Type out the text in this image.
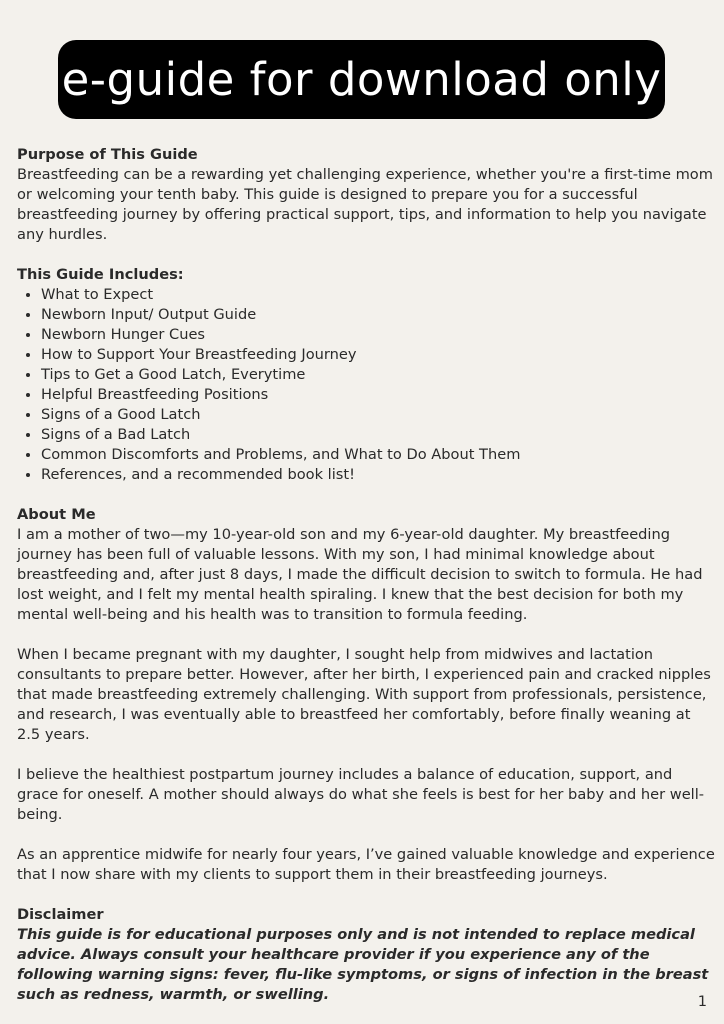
e-guide for download only

Purpose of This Guide

Breastfeeding can be a rewarding yet challenging experience, whether you're a first-time mom or welcoming your tenth baby. This guide is designed to prepare you for a successful breastfeeding journey by offering practical support, tips, and information to help you navigate any hurdles.

This Guide Includes:

• What to Expect
• Newborn Input/ Output Guide
• Newborn Hunger Cues
• How to Support Your Breastfeeding Journey
• Tips to Get a Good Latch, Everytime
• Helpful Breastfeeding Positions
• Signs of a Good Latch
• Signs of a Bad Latch
• Common Discomforts and Problems, and What to Do About Them
• References, and a recommended book list!

About Me

I am a mother of two—my 10-year-old son and my 6-year-old daughter. My breastfeeding journey has been full of valuable lessons. With my son, I had minimal knowledge about breastfeeding and, after just 8 days, I made the difficult decision to switch to formula. He had lost weight, and I felt my mental health spiraling. I knew that the best decision for both my mental well-being and his health was to transition to formula feeding.

When I became pregnant with my daughter, I sought help from midwives and lactation consultants to prepare better. However, after her birth, I experienced pain and cracked nipples that made breastfeeding extremely challenging. With support from professionals, persistence, and research, I was eventually able to breastfeed her comfortably, before finally weaning at 2.5 years.

I believe the healthiest postpartum journey includes a balance of education, support, and grace for oneself. A mother should always do what she feels is best for her baby and her well-being.

As an apprentice midwife for nearly four years, I’ve gained valuable knowledge and experience that I now share with my clients to support them in their breastfeeding journeys.

Disclaimer

This guide is for educational purposes only and is not intended to replace medical advice. Always consult your healthcare provider if you experience any of the following warning signs: fever, flu-like symptoms, or signs of infection in the breast such as redness, warmth, or swelling.	1
